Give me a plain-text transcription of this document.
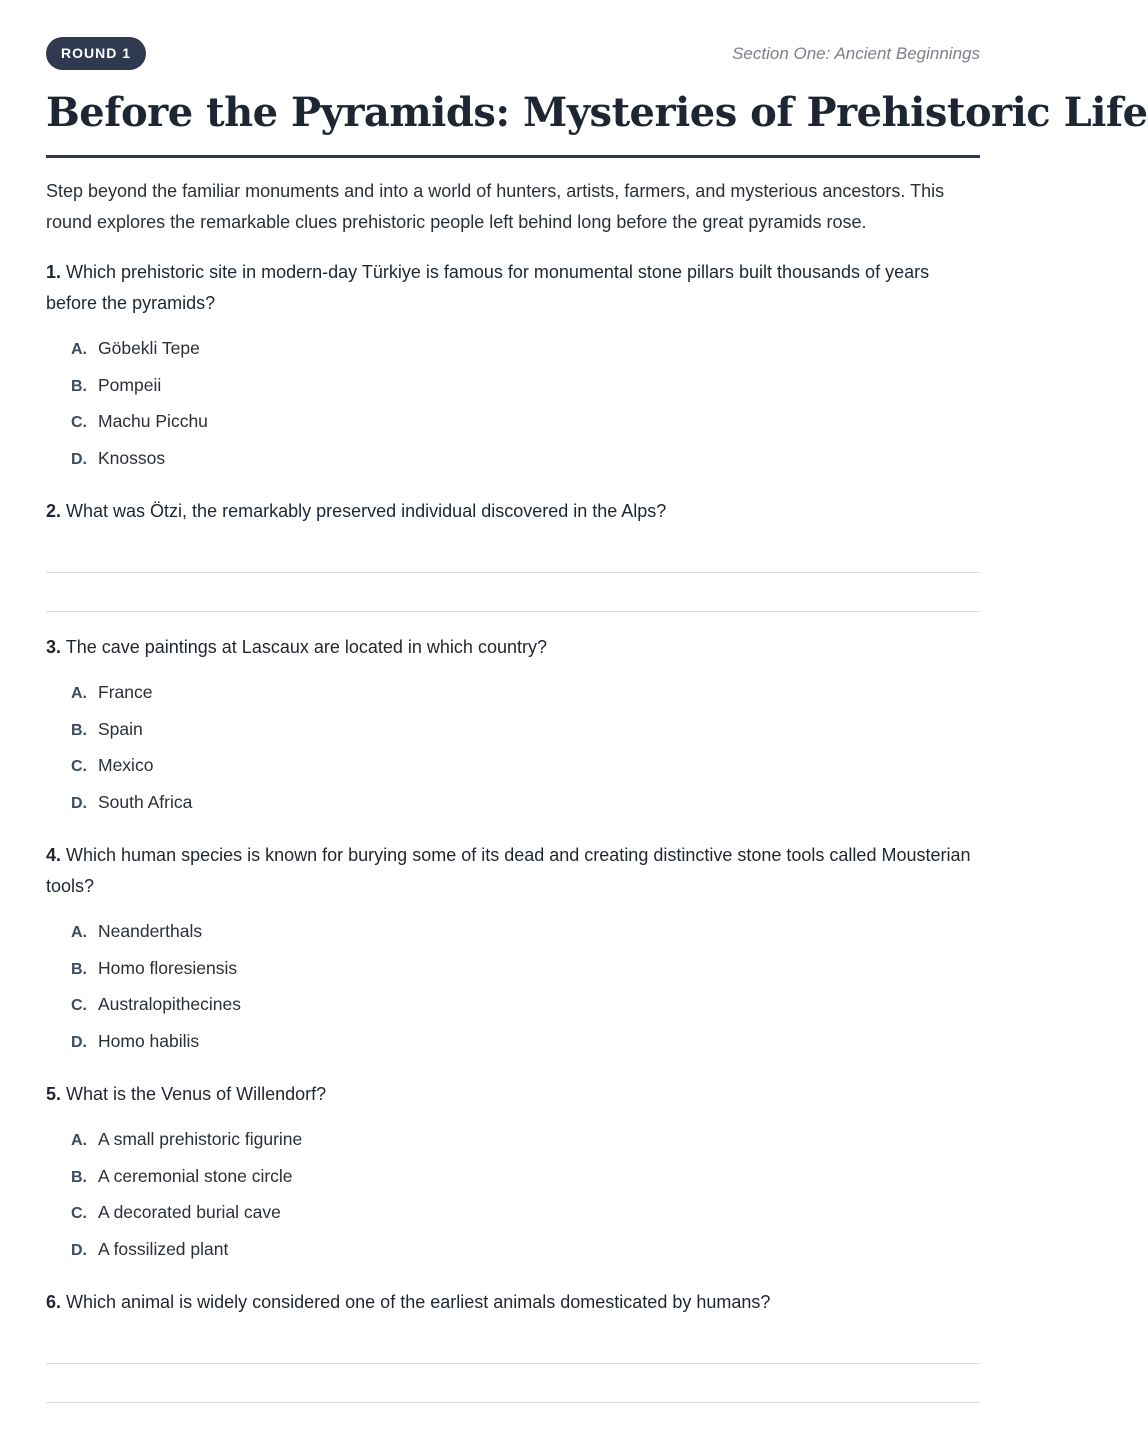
ROUND 1	Section One: Ancient Beginnings
Before the Pyramids: Mysteries of Prehistoric Life

Step beyond the familiar monuments and into a world of hunters, artists, farmers, and mysterious ancestors. This round explores the remarkable clues prehistoric people left behind long before the great pyramids rose.

1. Which prehistoric site in modern-day Türkiye is famous for monumental stone pillars built thousands of years before the pyramids?
A. Göbekli Tepe
B. Pompeii
C. Machu Picchu
D. Knossos
2. What was Ötzi, the remarkably preserved individual discovered in the Alps?
3. The cave paintings at Lascaux are located in which country?
A. France
B. Spain
C. Mexico
D. South Africa
4. Which human species is known for burying some of its dead and creating distinctive stone tools called Mousterian tools?
A. Neanderthals
B. Homo floresiensis
C. Australopithecines
D. Homo habilis
5. What is the Venus of Willendorf?
A. A small prehistoric figurine
B. A ceremonial stone circle
C. A decorated burial cave
D. A fossilized plant
6. Which animal is widely considered one of the earliest animals domesticated by humans?
